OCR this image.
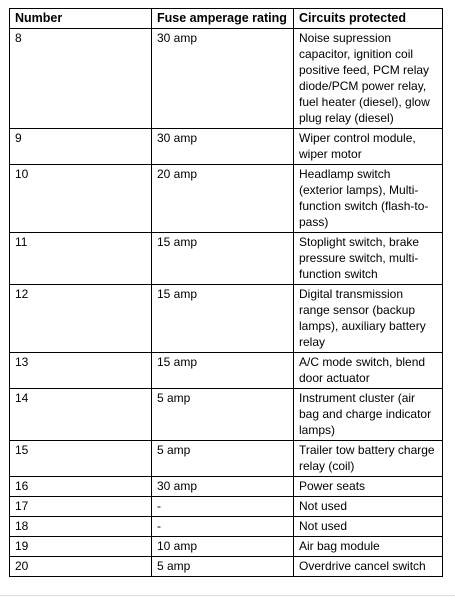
Number	Fuse amperage rating	Circuits protected
8	30 amp	Noise supression capacitor, ignition coil positive feed, PCM relay diode/PCM power relay, fuel heater (diesel), glow plug relay (diesel)
9	30 amp	Wiper control module, wiper motor
10	20 amp	Headlamp switch (exterior lamps), Multi-function switch (flash-to-pass)
11	15 amp	Stoplight switch, brake pressure switch, multi-function switch
12	15 amp	Digital transmission range sensor (backup lamps), auxiliary battery relay
13	15 amp	A/C mode switch, blend door actuator
14	5 amp	Instrument cluster (air bag and charge indicator lamps)
15	5 amp	Trailer tow battery charge relay (coil)
16	30 amp	Power seats
17	-	Not used
18	-	Not used
19	10 amp	Air bag module
20	5 amp	Overdrive cancel switch
